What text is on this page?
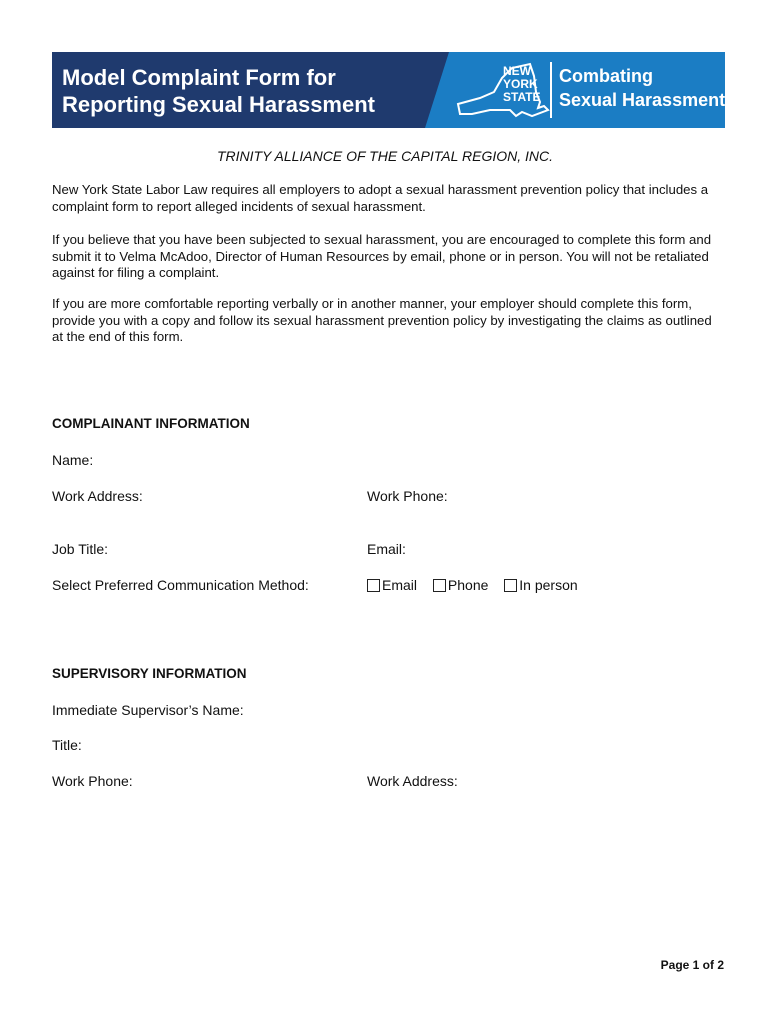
Model Complaint Form for
Reporting Sexual Harassment
NEW
YORK
STATE
Combating
Sexual Harassment
TRINITY ALLIANCE OF THE CAPITAL REGION, INC.
New York State Labor Law requires all employers to adopt a sexual harassment prevention policy that includes a complaint form to report alleged incidents of sexual harassment.
If you believe that you have been subjected to sexual harassment, you are encouraged to complete this form and submit it to Velma McAdoo, Director of Human Resources by email, phone or in person. You will not be retaliated against for filing a complaint.
If you are more comfortable reporting verbally or in another manner, your employer should complete this form, provide you with a copy and follow its sexual harassment prevention policy by investigating the claims as outlined at the end of this form.
COMPLAINANT INFORMATION
Name:
Work Address:	Work Phone:
Job Title:	Email:
Select Preferred Communication Method:	Email
Phone
In person
SUPERVISORY INFORMATION
Immediate Supervisor’s Name:
Title:
Work Phone:	Work Address:
Page 1 of 2
